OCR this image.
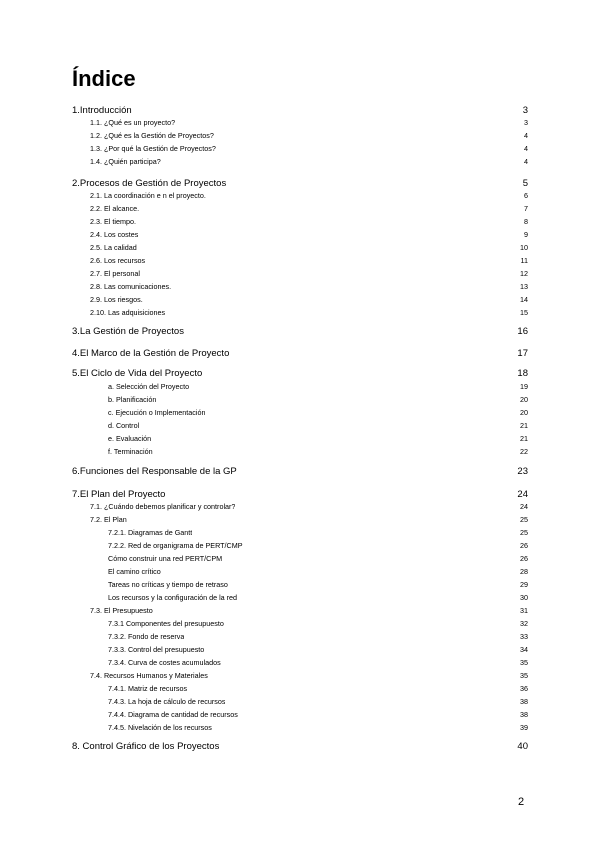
Índice
1.Introducción	3
1.1. ¿Qué es un proyecto?	3
1.2. ¿Qué es la Gestión de Proyectos?	4
1.3. ¿Por qué la Gestión de Proyectos?	4
1.4. ¿Quién participa?	4
2.Procesos de Gestión de Proyectos	5
2.1. La coordinación e n el proyecto.	6
2.2. El alcance.	7
2.3. El tiempo.	8
2.4. Los costes	9
2.5. La calidad	10
2.6. Los recursos	11
2.7. El personal	12
2.8. Las comunicaciones.	13
2.9. Los riesgos.	14
2.10. Las adquisiciones	15
3.La Gestión de Proyectos	16
4.El Marco de la Gestión de Proyecto	17
5.El Ciclo de Vida del Proyecto	18
a. Selección del Proyecto	19
b. Planificación	20
c. Ejecución o Implementación	20
d. Control	21
e. Evaluación	21
f. Terminación	22
6.Funciones del Responsable de la GP	23
7.El Plan del Proyecto	24
7.1. ¿Cuándo debemos planificar y controlar?	24
7.2. El Plan	25
7.2.1. Diagramas de Gantt	25
7.2.2. Red de organigrama de PERT/CMP	26
Cómo construir una red PERT/CPM	26
El camino crítico	28
Tareas no críticas y tiempo de retraso	29
Los recursos y la configuración de la red	30
7.3. El Presupuesto	31
7.3.1 Componentes del presupuesto	32
7.3.2. Fondo de reserva	33
7.3.3. Control del presupuesto	34
7.3.4. Curva de costes acumulados	35
7.4. Recursos Humanos y Materiales	35
7.4.1. Matriz de recursos	36
7.4.3. La hoja de cálculo de recursos	38
7.4.4. Diagrama de cantidad de recursos	38
7.4.5. Nivelación de los recursos	39
8. Control Gráfico de los Proyectos	40
2
